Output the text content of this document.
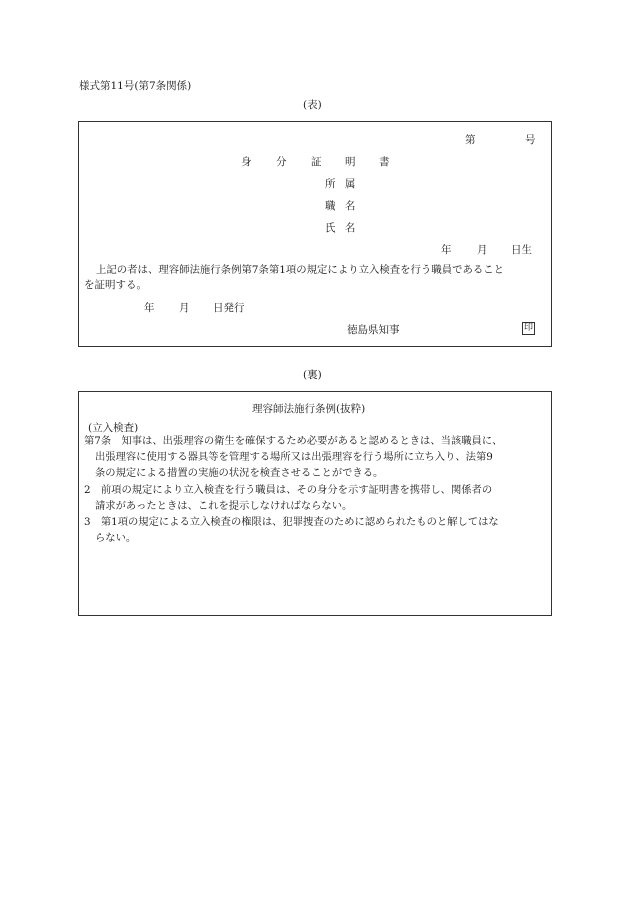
様式第11号(第7条関係)
(表)
第	号
身 分 証 明 書
所 属
職 名
氏 名
年 月 日生
上記の者は、理容師法施行条例第7条第1項の規定により立入検査を行う職員であること
を証明する。
年 月 日発行
徳島県知事	印
(裏)
理容師法施行条例(抜粋)
(立入検査)
第7条　知事は、出張理容の衛生を確保するため必要があると認めるときは、当該職員に、
出張理容に使用する器具等を管理する場所又は出張理容を行う場所に立ち入り、法第9
条の規定による措置の実施の状況を検査させることができる。
2　前項の規定により立入検査を行う職員は、その身分を示す証明書を携帯し、関係者の
請求があったときは、これを提示しなければならない。
3　第1項の規定による立入検査の権限は、犯罪捜査のために認められたものと解してはな
らない。
